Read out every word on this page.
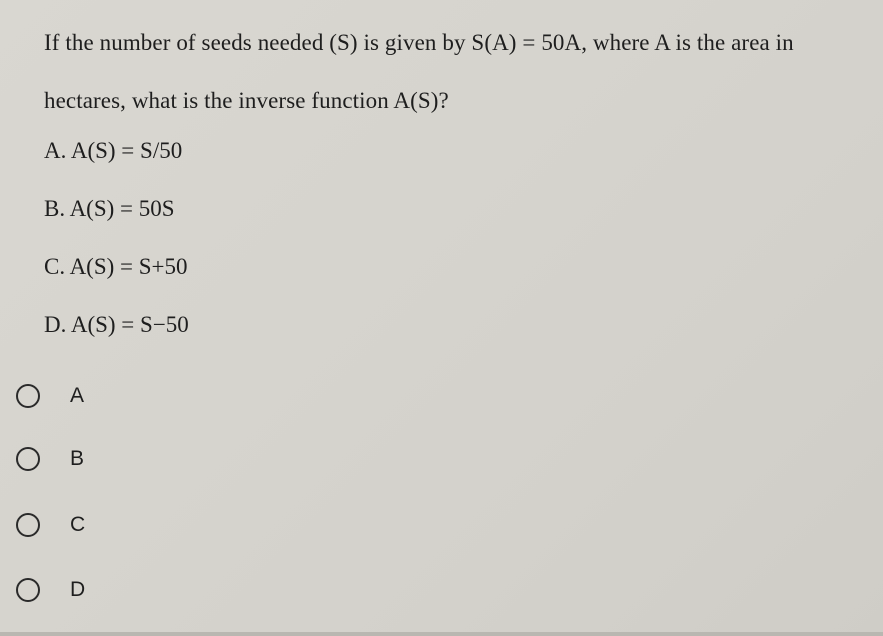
If the number of seeds needed (S) is given by S(A) = 50A, where A is the area in
hectares, what is the inverse function A(S)?
A. A(S) = S/50
B. A(S) = 50S
C. A(S) = S+50
D. A(S) = S−50
A
B
C
D
